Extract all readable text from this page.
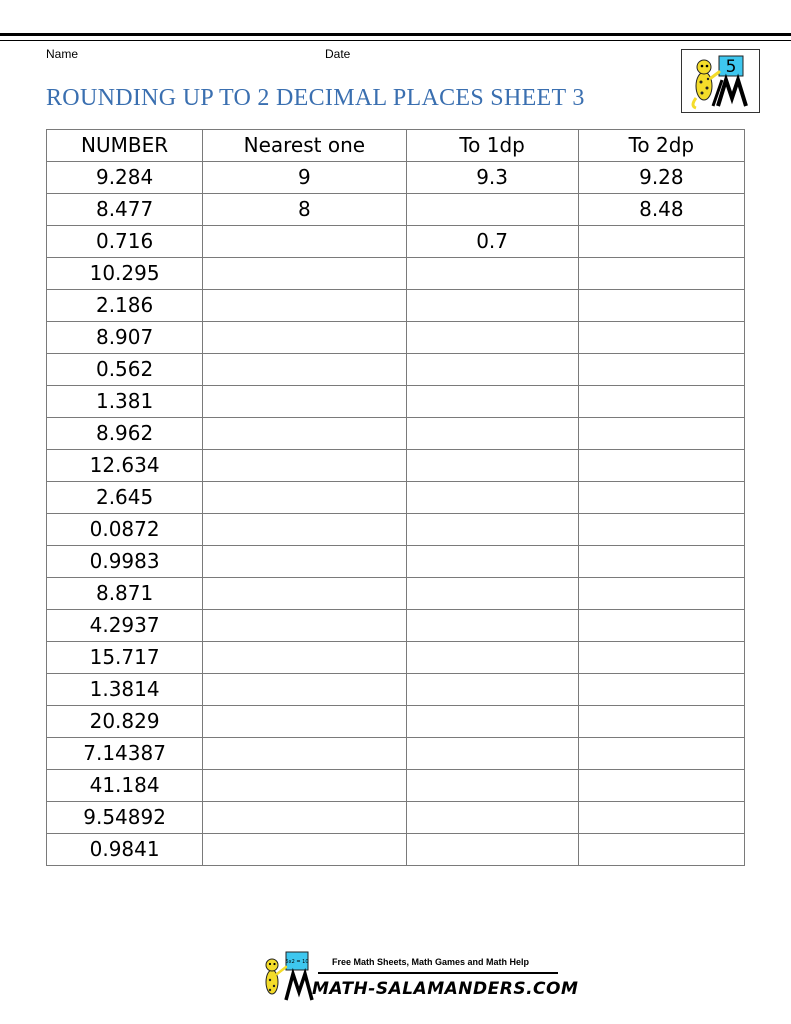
Name	Date
ROUNDING UP TO 2 DECIMAL PLACES SHEET 3
5
NUMBER	Nearest one	To 1dp	To 2dp
9.284	9	9.3	9.28
8.477	8		8.48
0.716		0.7	
10.295			
2.186			
8.907			
0.562			
1.381			
8.962			
12.634			
2.645			
0.0872			
0.9983			
8.871			
4.2937			
15.717			
1.3814			
20.829			
7.14387			
41.184			
9.54892			
0.9841			
5x2 = 10	Free Math Sheets, Math Games and Math Help
MATH-SALAMANDERS.COM
